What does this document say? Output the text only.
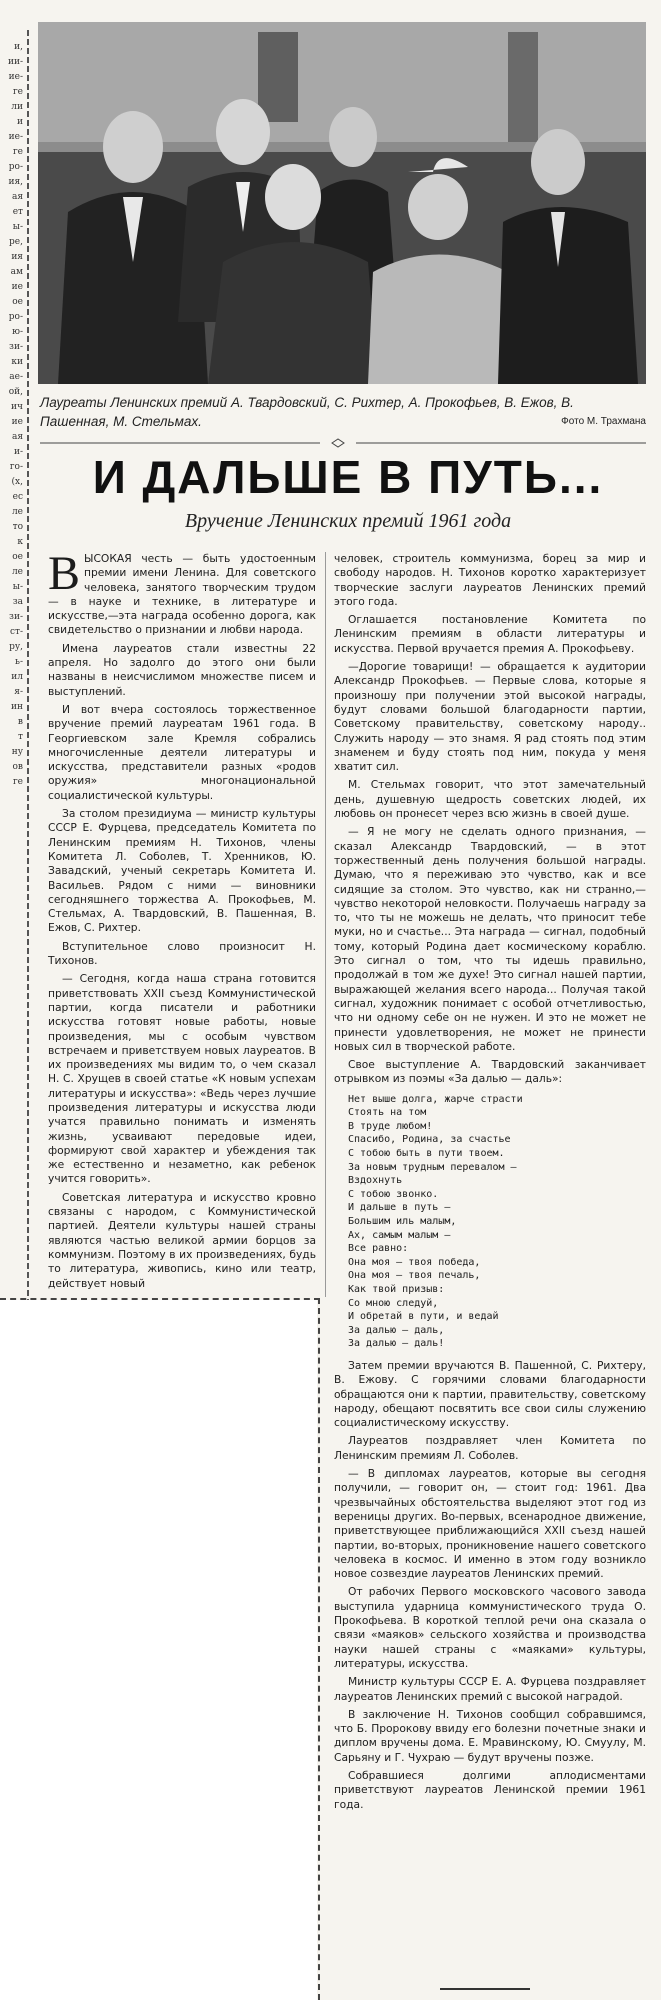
и,
ии-
ие-
ге
ли
и
ие-
ге
ро-
ия,
ая
ет
ы-
ре,
ия
ам
ие
ое
ро-
ю-
зи-
ки
ае-
ой,
ич
ие
ая
и-
го-
(х,
ес
ле
то
к
ое
ле
ы-
за
зи-
ст-
ру,
ь-
ил
я-
ин
в
т
ну
ов
ге
Лауреаты Ленинских премий А. Твардовский, С. Рихтер, А. Прокофьев, В. Ежов, В. Пашенная, М. Стельмах.	Фото М. Трахмана
И ДАЛЬШЕ В ПУТЬ...
Вручение Ленинских премий 1961 года
В ЫСОКАЯ честь — быть удостоенным премии имени Ленина. Для советского человека, занятого творческим трудом — в науке и технике, в литературе и искусстве,—эта награда особенно дорога, как свидетельство о признании и любви народа.

Имена лауреатов стали известны 22 апреля. Но задолго до этого они были названы в неисчислимом множестве писем и выступлений.

И вот вчера состоялось торжественное вручение премий лауреатам 1961 года. В Георгиевском зале Кремля собрались многочисленные деятели литературы и искусства, представители разных «родов оружия» многонациональной социалистической культуры.

За столом президиума — министр культуры СССР Е. Фурцева, председатель Комитета по Ленинским премиям Н. Тихонов, члены Комитета Л. Соболев, Т. Хренников, Ю. Завадский, ученый секретарь Комитета И. Васильев. Рядом с ними — виновники сегодняшнего торжества А. Прокофьев, М. Стельмах, А. Твардовский, В. Пашенная, В. Ежов, С. Рихтер.

Вступительное слово произносит Н. Тихонов.

— Сегодня, когда наша страна готовится приветствовать XXII съезд Коммунистической партии, когда писатели и работники искусства готовят новые работы, новые произведения, мы с особым чувством встречаем и приветствуем новых лауреатов. В их произведениях мы видим то, о чем сказал Н. С. Хрущев в своей статье «К новым успехам литературы и искусства»: «Ведь через лучшие произведения литературы и искусства люди учатся правильно понимать и изменять жизнь, усваивают передовые идеи, формируют свой характер и убеждения так же естественно и незаметно, как ребенок учится говорить».

Советская литература и искусство кровно связаны с народом, с Коммунистической партией. Деятели культуры нашей страны являются частью великой армии борцов за коммунизм. Поэтому в их произведениях, будь то литература, живопись, кино или театр, действует новый

человек, строитель коммунизма, борец за мир и свободу народов. Н. Тихонов коротко характеризует творческие заслуги лауреатов Ленинских премий этого года.

Оглашается постановление Комитета по Ленинским премиям в области литературы и искусства. Первой вручается премия А. Прокофьеву.

—Дорогие товарищи! — обращается к аудитории Александр Прокофьев. — Первые слова, которые я произношу при получении этой высокой награды, будут словами большой благодарности партии, Советскому правительству, советскому народу.. Служить народу — это знамя. Я рад стоять под этим знаменем и буду стоять под ним, покуда у меня хватит сил.

М. Стельмах говорит, что этот замечательный день, душевную щедрость советских людей, их любовь он пронесет через всю жизнь в своей душе.

— Я не могу не сделать одного признания, — сказал Александр Твардовский, — в этот торжественный день получения большой награды. Думаю, что я переживаю это чувство, как и все сидящие за столом. Это чувство, как ни странно,—чувство некоторой неловкости. Получаешь награду за то, что ты не можешь не делать, что приносит тебе муки, но и счастье... Эта награда — сигнал, подобный тому, который Родина дает космическому кораблю. Это сигнал о том, что ты идешь правильно, продолжай в том же духе! Это сигнал нашей партии, выражающей желания всего народа... Получая такой сигнал, художник понимает с особой отчетливостью, что ни одному себе он не нужен. И это не может не принести удовлетворения, не может не принести новых сил в творческой работе.

Свое выступление А. Твардовский заканчивает отрывком из поэмы «За далью — даль»:

Нет выше долга, жарче страсти
Стоять на том
В труде любом!
Спасибо, Родина, за счастье
С тобою быть в пути твоем.
За новым трудным перевалом —
Вздохнуть
С тобою звонко.
И дальше в путь —
Большим иль малым,
Ах, самым малым —
Все равно:
Она моя — твоя победа,
Она моя — твоя печаль,
Как твой призыв:
Со мною следуй,
И обретай в пути, и ведай
За далью — даль,
За далью — даль!

Затем премии вручаются В. Пашенной, С. Рихтеру, В. Ежову. С горячими словами благодарности обращаются они к партии, правительству, советскому народу, обещают посвятить все свои силы служению социалистическому искусству.

Лауреатов поздравляет член Комитета по Ленинским премиям Л. Соболев.

— В дипломах лауреатов, которые вы сегодня получили, — говорит он, — стоит год: 1961. Два чрезвычайных обстоятельства выделяют этот год из вереницы других. Во-первых, всенародное движение, приветствующее приближающийся XXII съезд нашей партии, во-вторых, проникновение нашего советского человека в космос. И именно в этом году возникло новое созвездие лауреатов Ленинских премий.

От рабочих Первого московского часового завода выступила ударница коммунистического труда О. Прокофьева. В короткой теплой речи она сказала о связи «маяков» сельского хозяйства и производства науки нашей страны с «маяками» культуры, литературы, искусства.

Министр культуры СССР Е. А. Фурцева поздравляет лауреатов Ленинских премий с высокой наградой.

В заключение Н. Тихонов сообщил собравшимся, что Б. Пророкову ввиду его болезни почетные знаки и диплом вручены дома. Е. Мравинскому, Ю. Смуулу, М. Сарьяну и Г. Чухраю — будут вручены позже.

Собравшиеся долгими аплодисментами приветствуют лауреатов Ленинской премии 1961 года.
